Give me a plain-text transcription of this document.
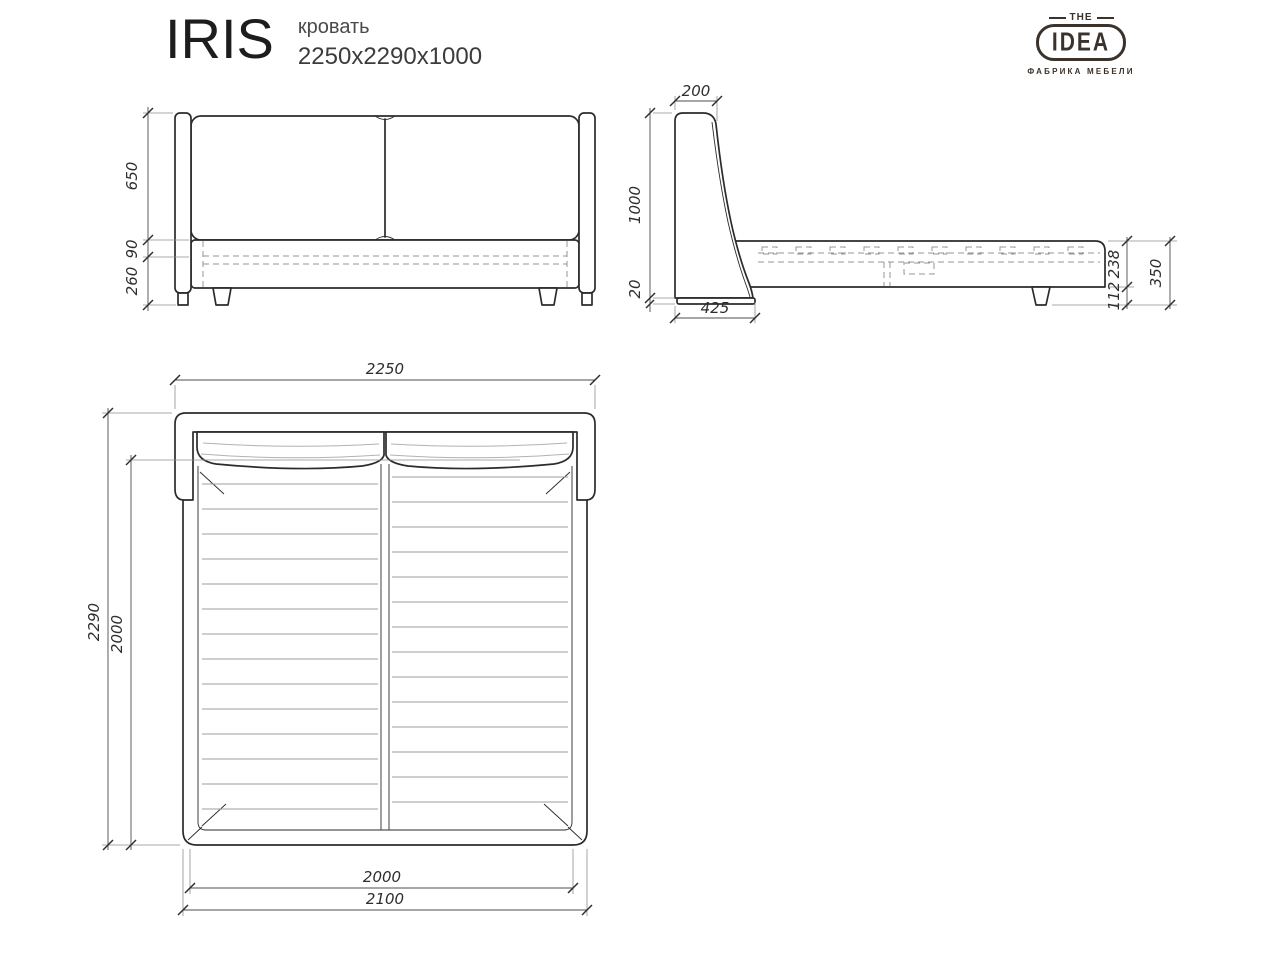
IRIS кровать
2250x2290x1000
THE
IDEA
ФАБРИКА МЕБЕЛИ
650
90
260
200
1000
20
425
238
112
350
2250
2290 2000
2000
2100
